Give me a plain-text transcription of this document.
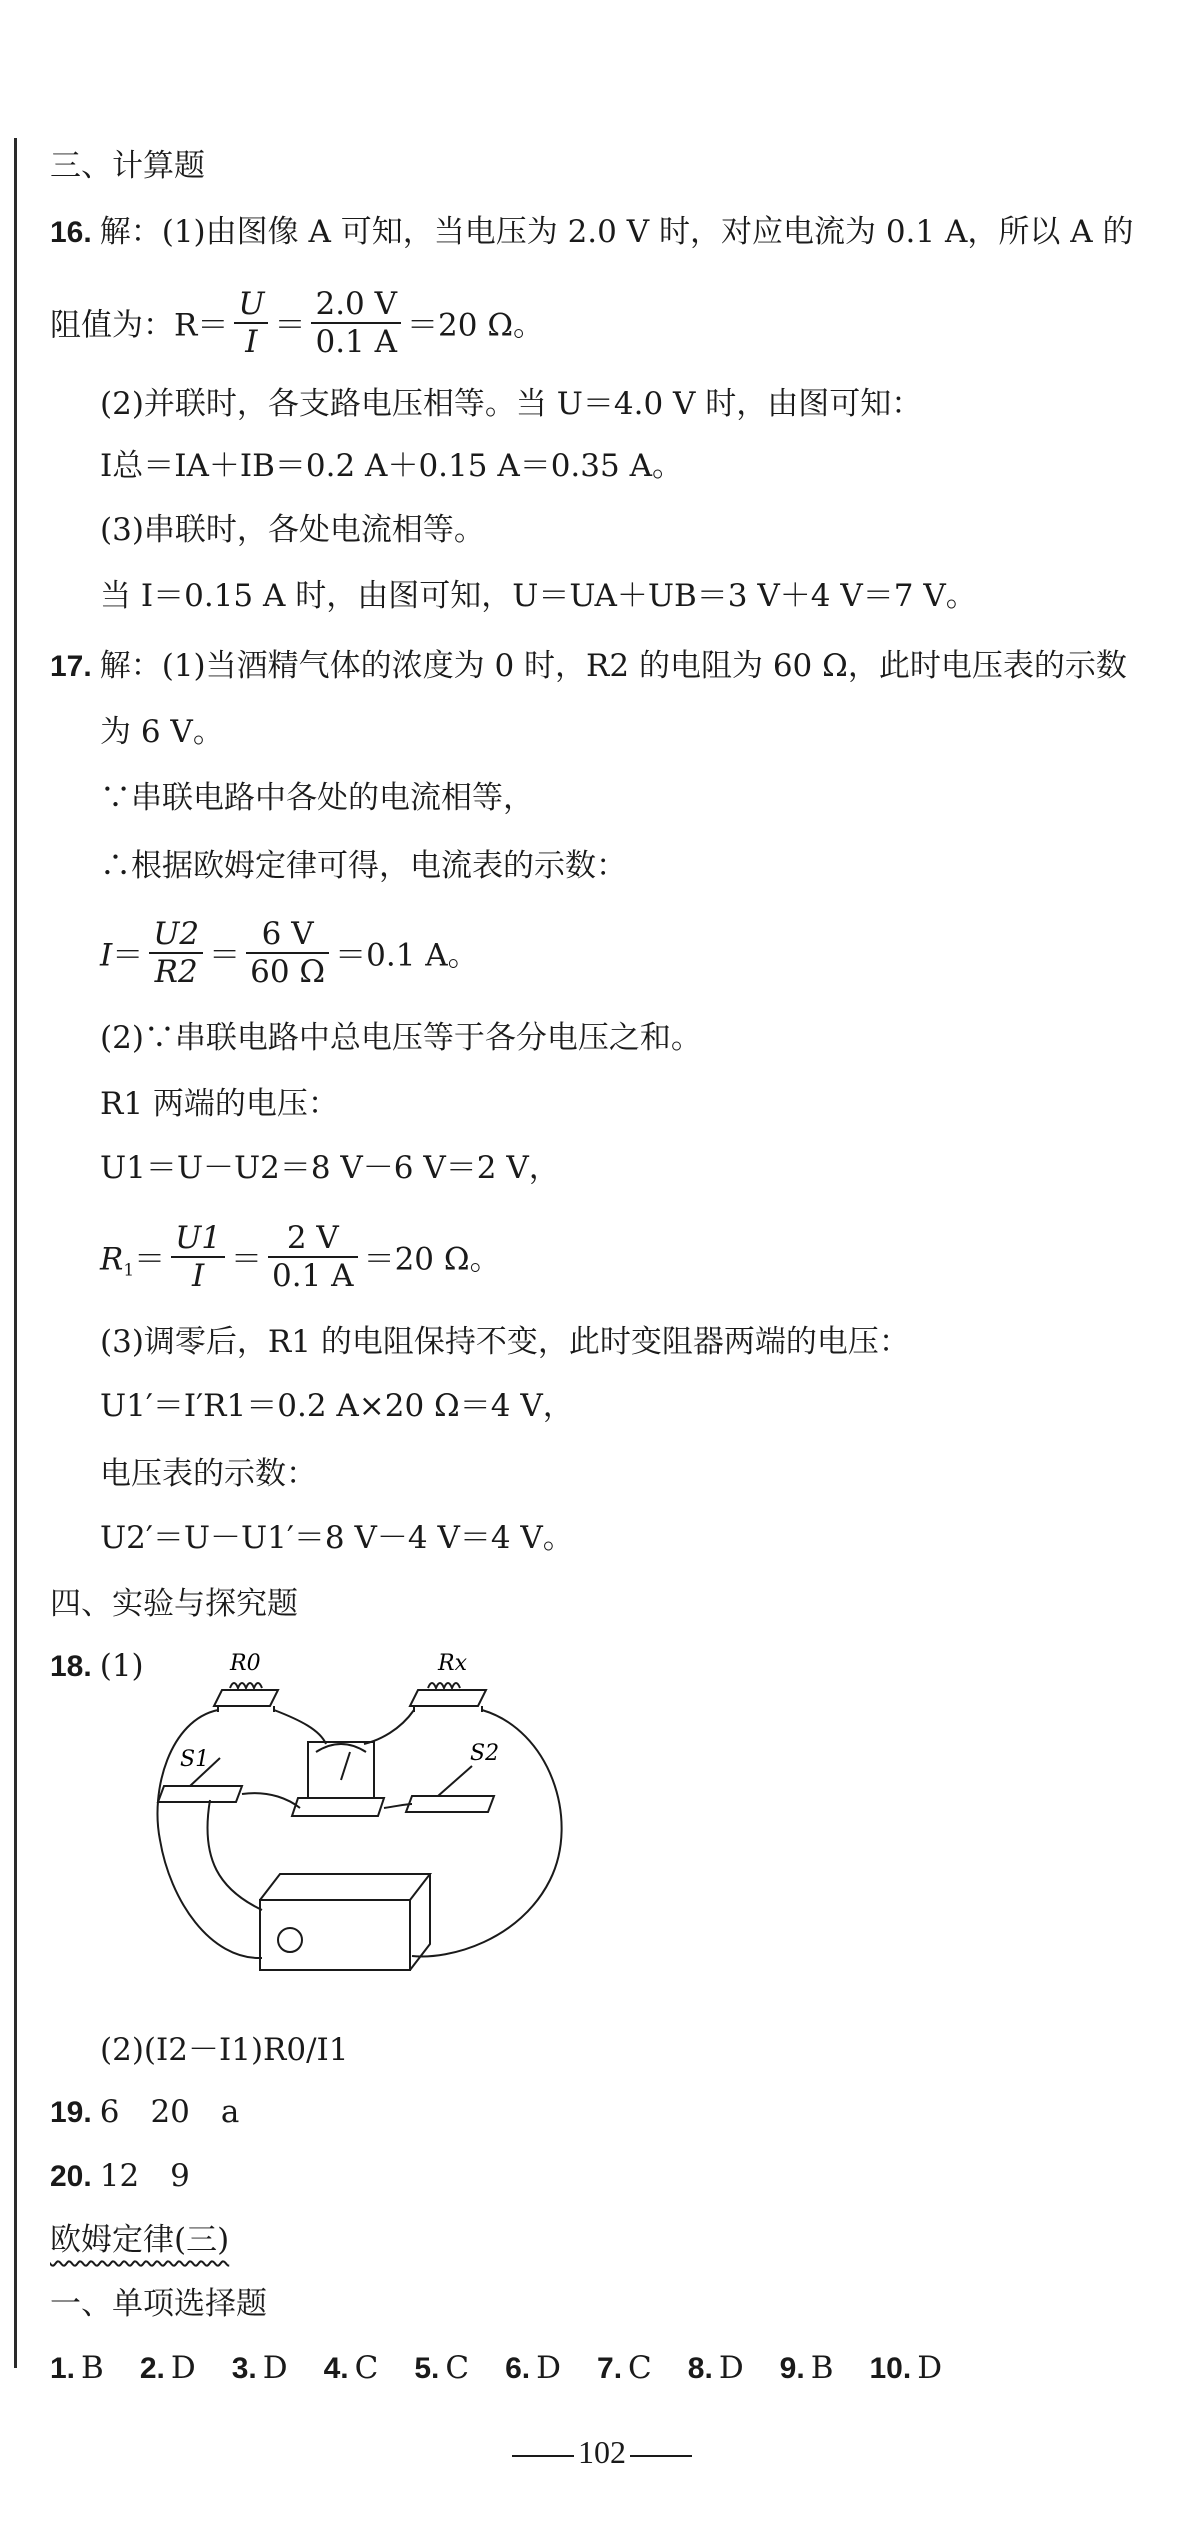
三、计算题
16. 解：(1)由图像 A 可知，当电压为 2.0 V 时，对应电流为 0.1 A，所以 A 的
阻值为：$R= \frac{U}{I} = \frac{2.0 V}{0.1 A} =20$ Ω。
(2)并联时，各支路电压相等。当 U＝4.0 V 时，由图可知：
I总＝IA＋IB＝0.2 A＋0.15 A＝0.35 A。
(3)串联时，各处电流相等。
当 I＝0.15 A 时，由图可知，U＝UA＋UB＝3 V＋4 V＝7 V。
17. 解：(1)当酒精气体的浓度为 0 时，R2 的电阻为 60 Ω，此时电压表的示数
为 6 V。
∵串联电路中各处的电流相等，
∴根据欧姆定律可得，电流表的示数：
$I= \frac{U2}{R2} = \frac{6 V}{60 \Omega} =0.1$ A。
(2)∵串联电路中总电压等于各分电压之和。
R1 两端的电压：
U1＝U－U2＝8 V－6 V＝2 V，
$R_1= \frac{U1}{I} = \frac{2 V}{0.1 A} =20$ Ω。
(3)调零后，R1 的电阻保持不变，此时变阻器两端的电压：
U1′＝I′R1＝0.2 A×20 Ω＝4 V，
电压表的示数：
U2′＝U－U1′＝8 V－4 V＝4 V。
四、实验与探究题
18. (1)	R0	Rx
S1	S2
(2)(I2－I1)R0/I1
19. 6　20　a
20. 12　9
欧姆定律(三)
一、单项选择题
1. B 2. D 3. D 4. C 5. C 6. D 7. C 8. D 9. B 10. D
102
